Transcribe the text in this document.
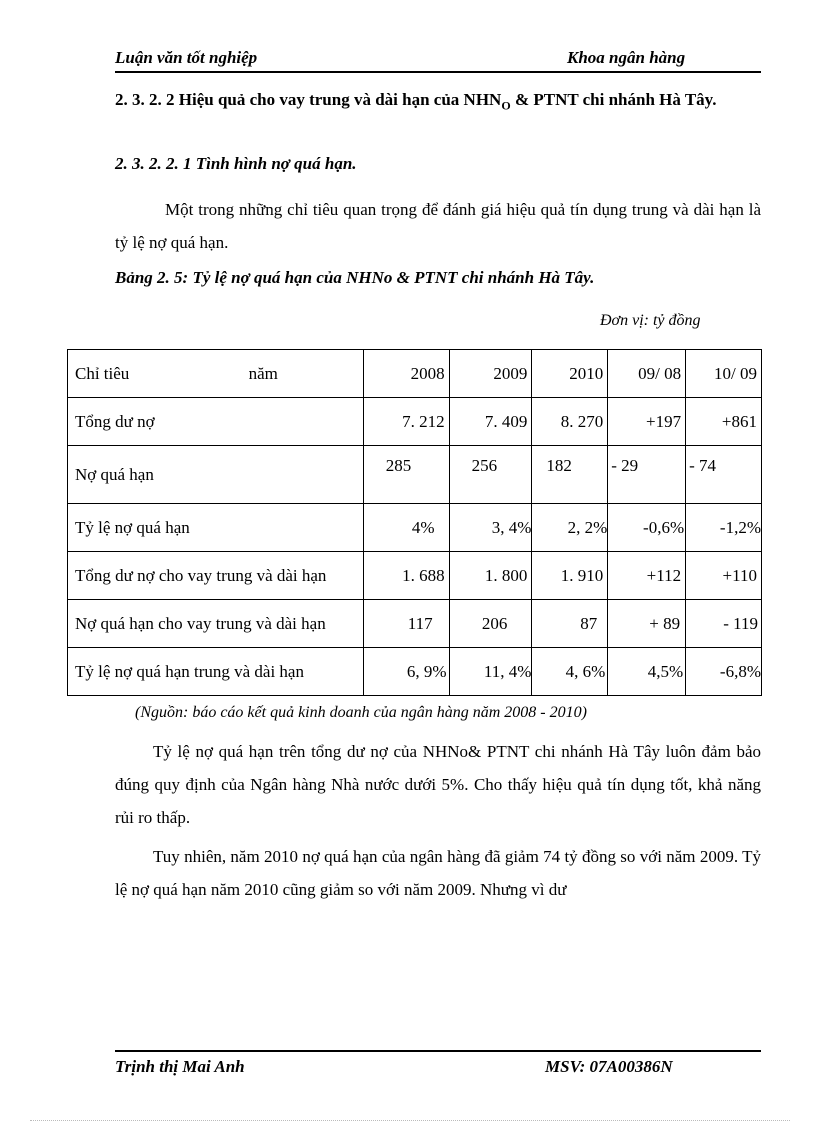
Luận văn tốt nghiệp	Khoa ngân hàng
2. 3. 2. 2 Hiệu quả cho vay trung và dài hạn của $NHN_O$ & PTNT chi nhánh Hà Tây.
2. 3. 2. 2. 1 Tình hình nợ quá hạn.
Một trong những chỉ tiêu quan trọng để đánh giá hiệu quả tín dụng trung và dài hạn là tỷ lệ nợ quá hạn.
Bảng 2. 5: Tỷ lệ nợ quá hạn của NHNo & PTNT chi nhánh Hà Tây.
Đơn vị: tỷ đồng
Chỉ tiêu năm	2008	2009	2010	09/ 08	10/ 09
Tổng dư nợ	7. 212	7. 409	8. 270	+197	+861
Nợ quá hạn	285	256	182	- 29	- 74
Tỷ lệ nợ quá hạn	4%	3, 4%	2, 2%	-0,6%	-1,2%
Tổng dư nợ cho vay trung và dài hạn	1. 688	1. 800	1. 910	+112	+110
Nợ quá hạn cho vay trung và dài hạn	117	206	87	+ 89	- 119
Tỷ lệ nợ quá hạn trung và dài hạn	6, 9%	11, 4%	4, 6%	4,5%	-6,8%
(Nguồn: báo cáo kết quả kinh doanh của ngân hàng năm 2008 - 2010)
Tỷ lệ nợ quá hạn trên tổng dư nợ của NHNo& PTNT chi nhánh Hà Tây luôn đảm bảo đúng quy định của Ngân hàng Nhà nước dưới 5%. Cho thấy hiệu quả tín dụng tốt, khả năng rủi ro thấp.
Tuy nhiên, năm 2010 nợ quá hạn của ngân hàng đã giảm 74 tỷ đồng so với năm 2009. Tỷ lệ nợ quá hạn năm 2010 cũng giảm so với năm 2009. Nhưng vì dư
Trịnh thị Mai Anh	MSV: 07A00386N
